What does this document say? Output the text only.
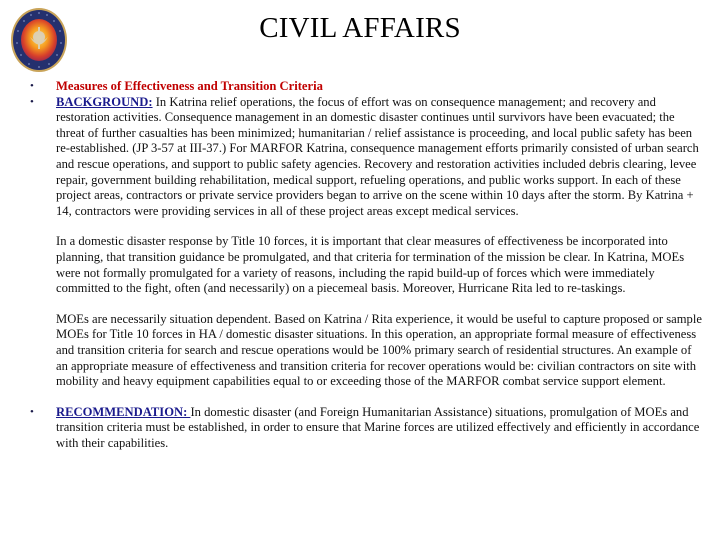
CIVIL AFFAIRS
•	Measures of Effectiveness and Transition Criteria
•	BACKGROUND: In Katrina relief operations, the focus of effort was on consequence management; and recovery and restoration activities. Consequence management in an domestic disaster continues until survivors have been evacuated; the threat of further casualties has been minimized; humanitarian / relief assistance is proceeding, and local public safety has been re-established. (JP 3-57 at III-37.) For MARFOR Katrina, consequence management efforts primarily consisted of urban search and rescue operations, and support to public safety agencies. Recovery and restoration activities included debris clearing, levee repair, government building rehabilitation, medical support, refueling operations, and public works support. In each of these project areas, contractors or private service providers began to arrive on the scene within 10 days after the storm. By Katrina + 14, contractors were providing services in all of these project areas except medical services.
In a domestic disaster response by Title 10 forces, it is important that clear measures of effectiveness be incorporated into planning, that transition guidance be promulgated, and that criteria for termination of the mission be clear. In Katrina, MOEs were not formally promulgated for a variety of reasons, including the rapid build-up of forces which were immediately committed to the fight, often (and necessarily) on a piecemeal basis. Moreover, Hurricane Rita led to re-taskings.
MOEs are necessarily situation dependent. Based on Katrina / Rita experience, it would be useful to capture proposed or sample MOEs for Title 10 forces in HA / domestic disaster situations. In this operation, an appropriate formal measure of effectiveness and transition criteria for search and rescue operations would be 100% primary search of residential structures. An example of an appropriate measure of effectiveness and transition criteria for recover operations would be: civilian contractors on site with mobility and heavy equipment capabilities equal to or exceeding those of the MARFOR combat service support element.
•	RECOMMENDATION: In domestic disaster (and Foreign Humanitarian Assistance) situations, promulgation of MOEs and transition criteria must be established, in order to ensure that Marine forces are utilized effectively and efficiently in accordance with their capabilities.
